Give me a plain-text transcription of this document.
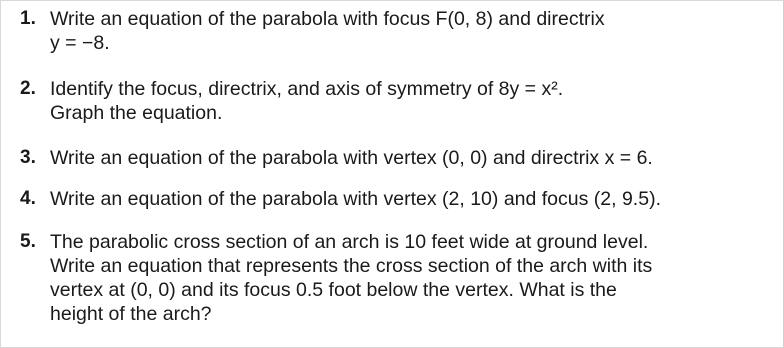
1. Write an equation of the parabola with focus F(0, 8) and directrix
y = −8.
2. Identify the focus, directrix, and axis of symmetry of 8y = x².
Graph the equation.
3. Write an equation of the parabola with vertex (0, 0) and directrix x = 6.
4. Write an equation of the parabola with vertex (2, 10) and focus (2, 9.5).
5. The parabolic cross section of an arch is 10 feet wide at ground level.
Write an equation that represents the cross section of the arch with its
vertex at (0, 0) and its focus 0.5 foot below the vertex. What is the
height of the arch?
